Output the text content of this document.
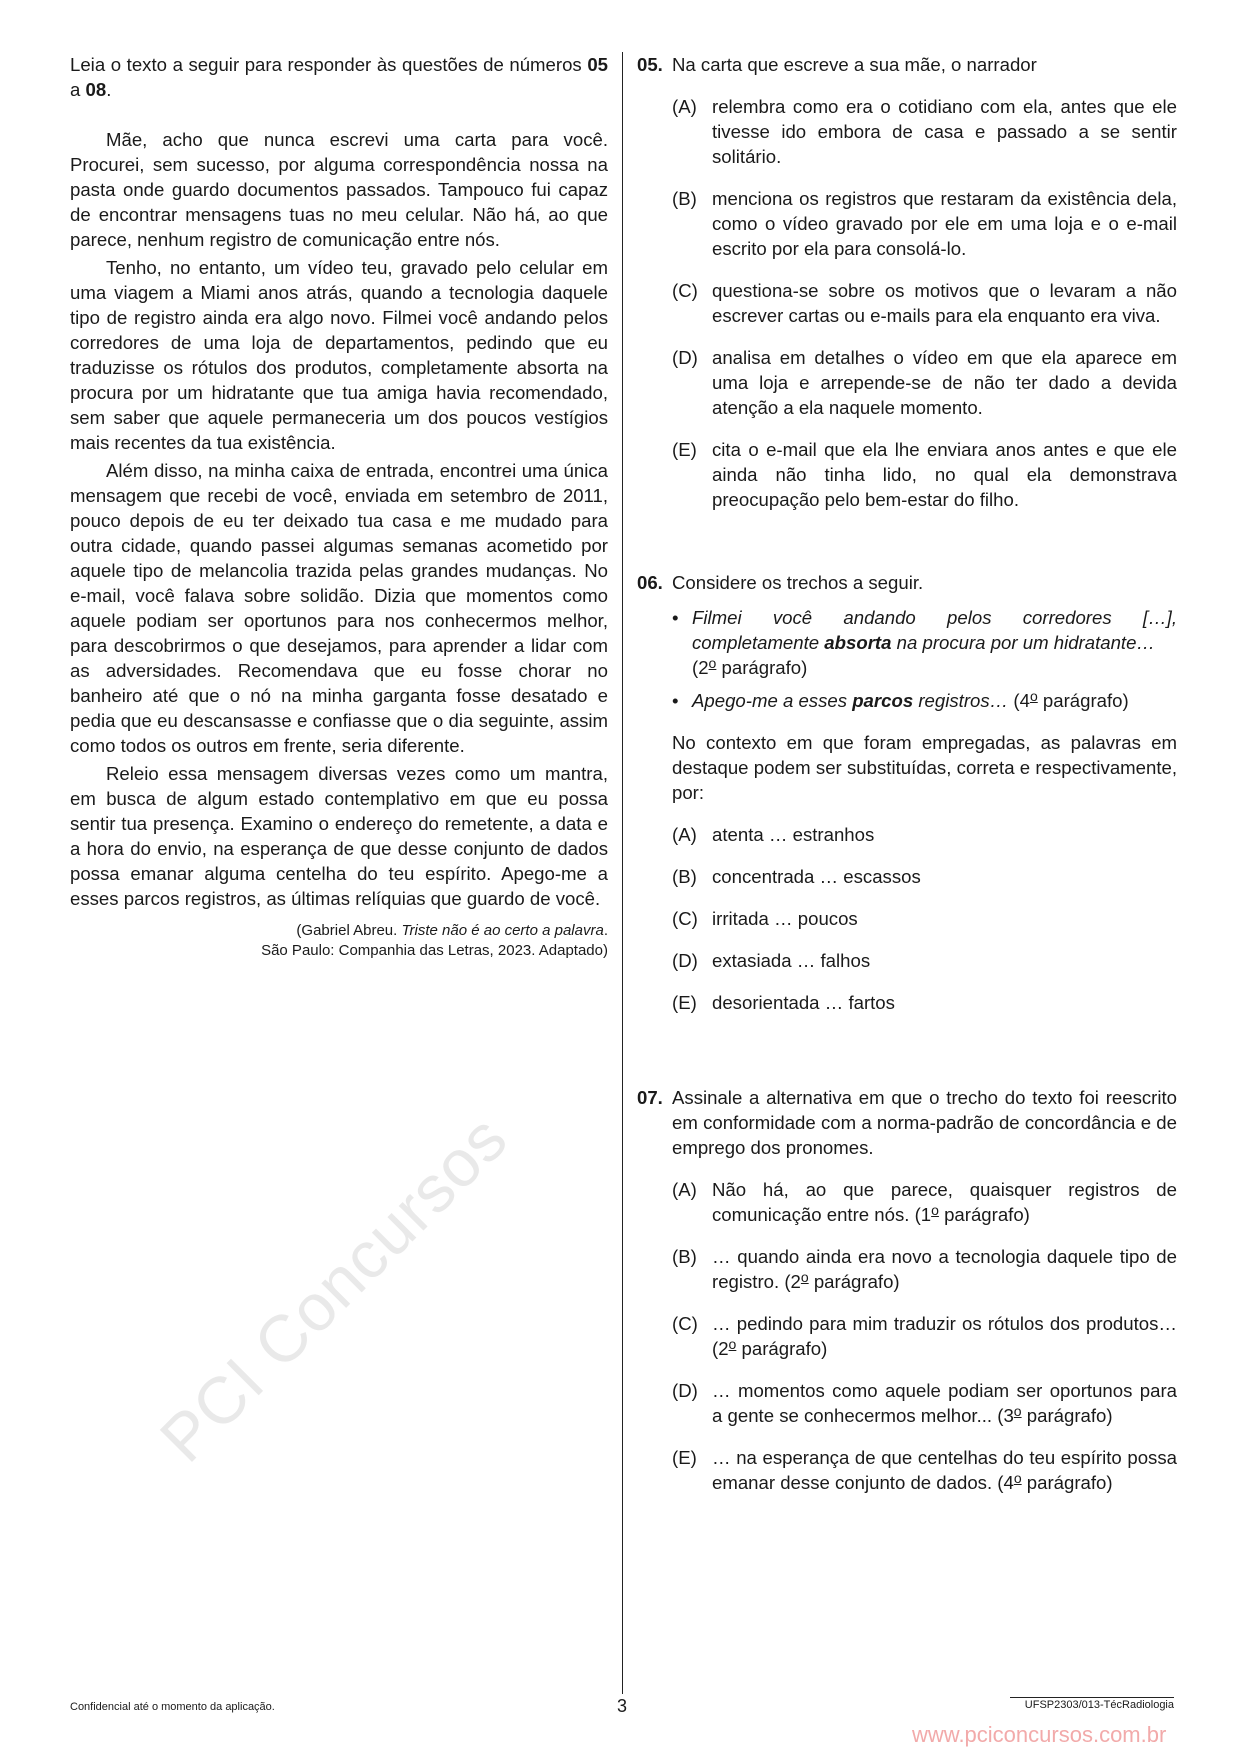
PCI Concursos

Leia o texto a seguir para responder às questões de números 05 a 08.

Mãe, acho que nunca escrevi uma carta para você. Procurei, sem sucesso, por alguma correspondência nossa na pasta onde guardo documentos passados. Tampouco fui capaz de encontrar mensagens tuas no meu celular. Não há, ao que parece, nenhum registro de comunicação entre nós.

Tenho, no entanto, um vídeo teu, gravado pelo celular em uma viagem a Miami anos atrás, quando a tecnologia daquele tipo de registro ainda era algo novo. Filmei você andando pelos corredores de uma loja de departamentos, pedindo que eu traduzisse os rótulos dos produtos, completamente absorta na procura por um hidratante que tua amiga havia recomendado, sem saber que aquele permaneceria um dos poucos vestígios mais recentes da tua existência.

Além disso, na minha caixa de entrada, encontrei uma única mensagem que recebi de você, enviada em setembro de 2011, pouco depois de eu ter deixado tua casa e me mudado para outra cidade, quando passei algumas semanas acometido por aquele tipo de melancolia trazida pelas grandes mudanças. No e-mail, você falava sobre solidão. Dizia que momentos como aquele podiam ser oportunos para nos conhecermos melhor, para descobrirmos o que desejamos, para aprender a lidar com as adversidades. Recomendava que eu fosse chorar no banheiro até que o nó na minha garganta fosse desatado e pedia que eu descansasse e confiasse que o dia seguinte, assim como todos os outros em frente, seria diferente.

Releio essa mensagem diversas vezes como um mantra, em busca de algum estado contemplativo em que eu possa sentir tua presença. Examino o endereço do remetente, a data e a hora do envio, na esperança de que desse conjunto de dados possa emanar alguma centelha do teu espírito. Apego-me a esses parcos registros, as últimas relíquias que guardo de você.

(Gabriel Abreu. Triste não é ao certo a palavra.
São Paulo: Companhia das Letras, 2023. Adaptado)
05. Na carta que escreve a sua mãe, o narrador

(A) relembra como era o cotidiano com ela, antes que ele tivesse ido embora de casa e passado a se sentir solitário.
(B) menciona os registros que restaram da existência dela, como o vídeo gravado por ele em uma loja e o e-mail escrito por ela para consolá-lo.
(C) questiona-se sobre os motivos que o levaram a não escrever cartas ou e-mails para ela enquanto era viva.
(D) analisa em detalhes o vídeo em que ela aparece em uma loja e arrepende-se de não ter dado a devida atenção a ela naquele momento.
(E) cita o e-mail que ela lhe enviara anos antes e que ele ainda não tinha lido, no qual ela demonstrava preocupação pelo bem-estar do filho.
06. Considere os trechos a seguir.

• Filmei você andando pelos corredores […], completamente absorta na procura por um hidratante…
(2$^o$ parágrafo)
• Apego-me a esses parcos registros… (4$^o$ parágrafo)

No contexto em que foram empregadas, as palavras em destaque podem ser substituídas, correta e respectivamente, por:

(A) atenta … estranhos
(B) concentrada … escassos
(C) irritada … poucos
(D) extasiada … falhos
(E) desorientada … fartos
07. Assinale a alternativa em que o trecho do texto foi reescrito em conformidade com a norma-padrão de concordância e de emprego dos pronomes.

(A) Não há, ao que parece, quaisquer registros de comunicação entre nós. (1$^o$ parágrafo)
(B) … quando ainda era novo a tecnologia daquele tipo de registro. (2$^o$ parágrafo)
(C) … pedindo para mim traduzir os rótulos dos produtos… (2$^o$ parágrafo)
(D) … momentos como aquele podiam ser oportunos para a gente se conhecermos melhor... (3$^o$ parágrafo)
(E) … na esperança de que centelhas do teu espírito possa emanar desse conjunto de dados. (4$^o$ parágrafo)
Confidencial até o momento da aplicação.	3	UFSP2303/013-TécRadiologia
www.pciconcursos.com.br
